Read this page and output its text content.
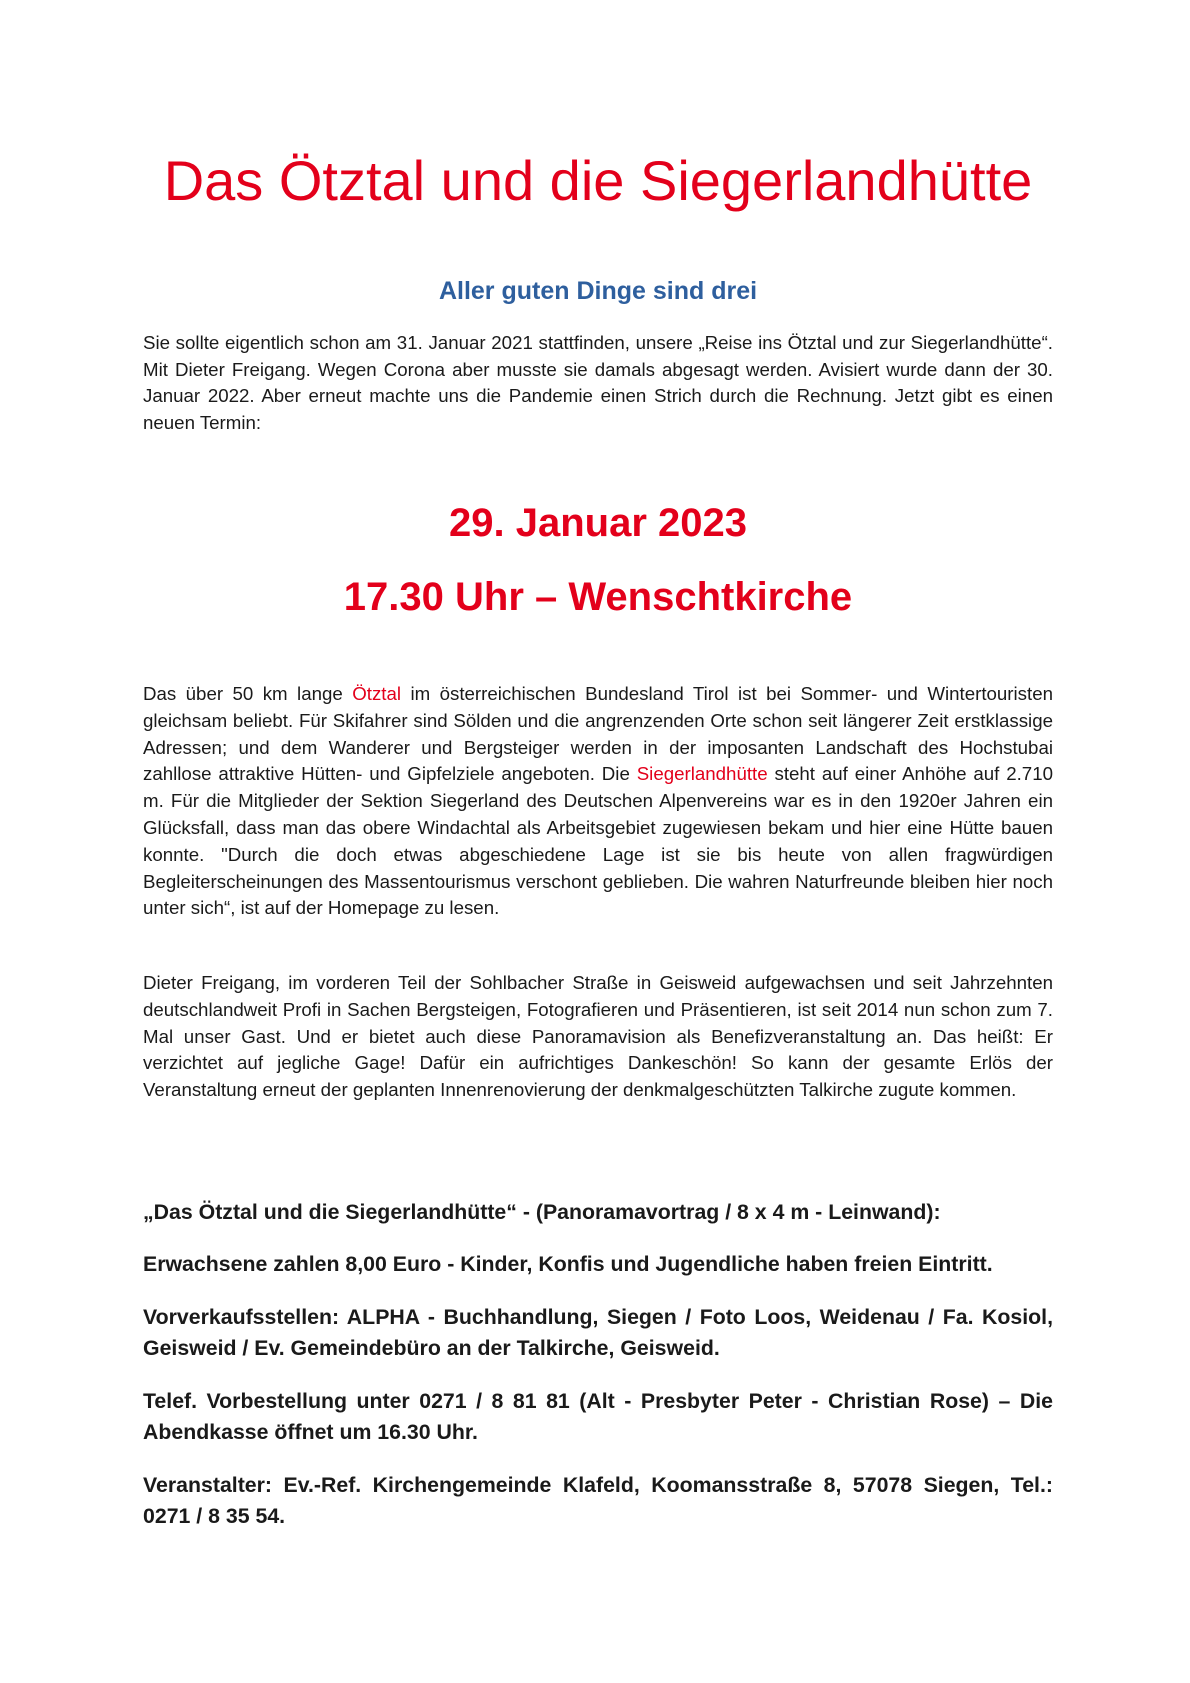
Das Ötztal und die Siegerlandhütte
Aller guten Dinge sind drei

Sie sollte eigentlich schon am 31. Januar 2021 stattfinden, unsere „Reise ins Ötztal und zur Siegerlandhütte“. Mit Dieter Freigang. Wegen Corona aber musste sie damals abgesagt werden. Avisiert wurde dann der 30. Januar 2022. Aber erneut machte uns die Pandemie einen Strich durch die Rechnung. Jetzt gibt es einen neuen Termin:

29. Januar 2023
17.30 Uhr – Wenschtkirche

Das über 50 km lange Ötztal im österreichischen Bundesland Tirol ist bei Sommer- und Wintertouristen gleichsam beliebt. Für Skifahrer sind Sölden und die angrenzenden Orte schon seit längerer Zeit erstklassige Adressen; und dem Wanderer und Bergsteiger werden in der imposanten Landschaft des Hochstubai zahllose attraktive Hütten- und Gipfelziele angeboten. Die Siegerlandhütte steht auf einer Anhöhe auf 2.710 m. Für die Mitglieder der Sektion Siegerland des Deutschen Alpenvereins war es in den 1920er Jahren ein Glücksfall, dass man das obere Windachtal als Arbeitsgebiet zugewiesen bekam und hier eine Hütte bauen konnte. "Durch die doch etwas abgeschiedene Lage ist sie bis heute von allen fragwürdigen Begleiterscheinungen des Massentourismus verschont geblieben. Die wahren Naturfreunde bleiben hier noch unter sich“, ist auf der Homepage zu lesen.

Dieter Freigang, im vorderen Teil der Sohlbacher Straße in Geisweid aufgewachsen und seit Jahrzehnten deutschlandweit Profi in Sachen Bergsteigen, Fotografieren und Präsentieren, ist seit 2014 nun schon zum 7. Mal unser Gast. Und er bietet auch diese Panoramavision als Benefizveranstaltung an. Das heißt: Er verzichtet auf jegliche Gage! Dafür ein aufrichtiges Dankeschön! So kann der gesamte Erlös der Veranstaltung erneut der geplanten Innenrenovierung der denkmalgeschützten Talkirche zugute kommen.

„Das Ötztal und die Siegerlandhütte“ - (Panoramavortrag / 8 x 4 m - Leinwand):

Erwachsene zahlen 8,00 Euro - Kinder, Konfis und Jugendliche haben freien Eintritt.

Vorverkaufsstellen: ALPHA - Buchhandlung, Siegen / Foto Loos, Weidenau / Fa. Kosiol, Geisweid / Ev. Gemeindebüro an der Talkirche, Geisweid.

Telef. Vorbestellung unter 0271 / 8 81 81 (Alt - Presbyter Peter - Christian Rose) – Die Abendkasse öffnet um 16.30 Uhr.

Veranstalter: Ev.-Ref. Kirchengemeinde Klafeld, Koomansstraße 8, 57078 Siegen, Tel.: 0271 / 8 35 54.
